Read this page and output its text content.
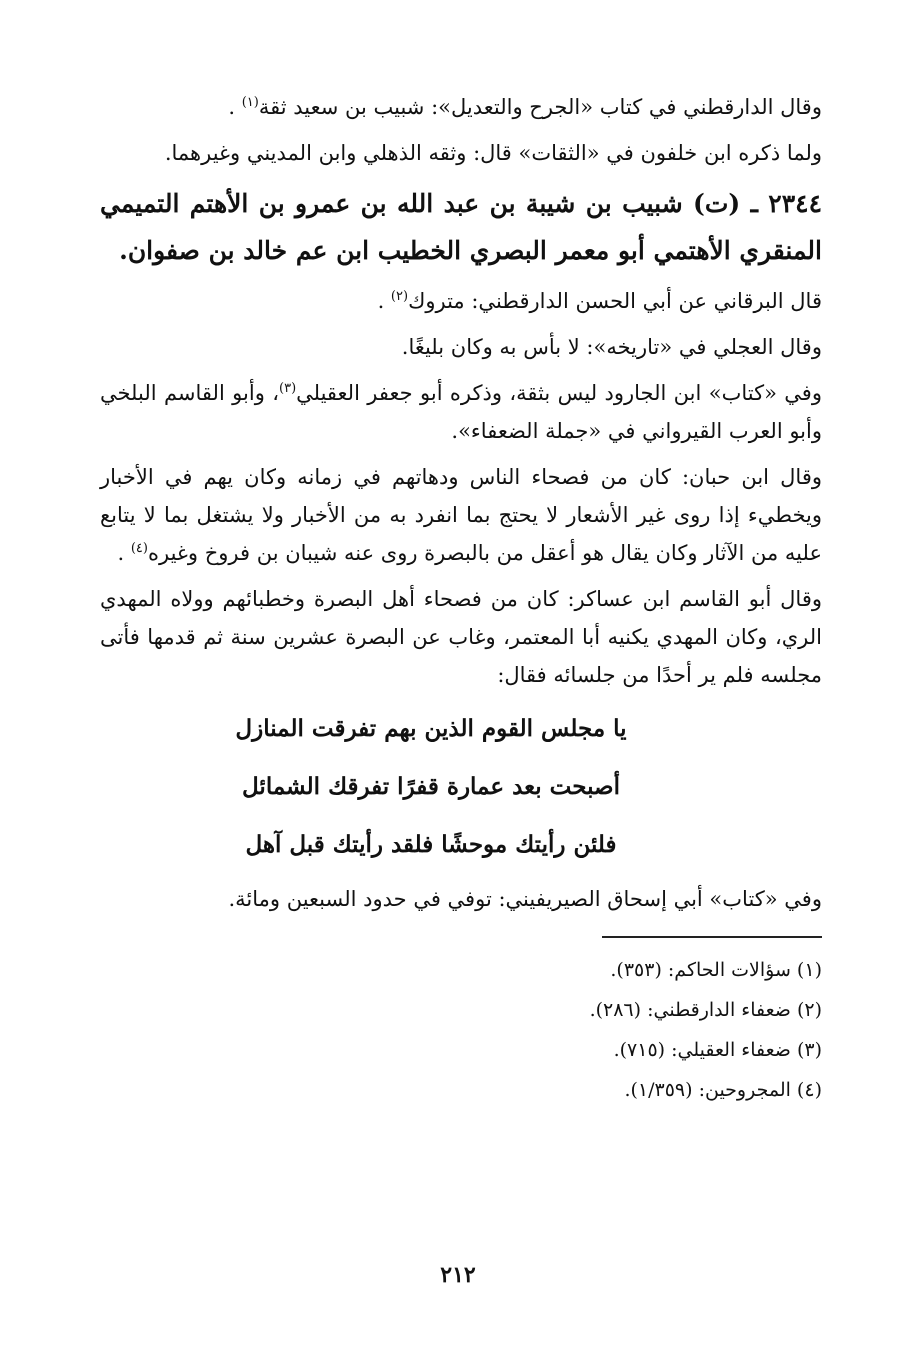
وقال الدارقطني في كتاب «الجرح والتعديل»: شبيب بن سعيد ثقة$^{(١)}$ .

ولما ذكره ابن خلفون في «الثقات» قال: وثقه الذهلي وابن المديني وغيرهما.

٢٣٤٤ ـ (ت) شبيب بن شيبة بن عبد الله بن عمرو بن الأهتم التميمي المنقري الأهتمي أبو معمر البصري الخطيب ابن عم خالد بن صفوان.

قال البرقاني عن أبي الحسن الدارقطني: متروك$^{(٢)}$ .

وقال العجلي في «تاريخه»: لا بأس به وكان بليغًا.

وفي «كتاب» ابن الجارود ليس بثقة، وذكره أبو جعفر العقيلي$^{(٣)}$، وأبو القاسم البلخي وأبو العرب القيرواني في «جملة الضعفاء».

وقال ابن حبان: كان من فصحاء الناس ودهاتهم في زمانه وكان يهم في الأخبار ويخطيء إذا روى غير الأشعار لا يحتج بما انفرد به من الأخبار ولا يشتغل بما لا يتابع عليه من الآثار وكان يقال هو أعقل من بالبصرة روى عنه شيبان بن فروخ وغيره$^{(٤)}$ .

وقال أبو القاسم ابن عساكر: كان من فصحاء أهل البصرة وخطبائهم وولاه المهدي الري، وكان المهدي يكنيه أبا المعتمر، وغاب عن البصرة عشرين سنة ثم قدمها فأتى مجلسه فلم ير أحدًا من جلسائه فقال:

يا مجلس القوم الذين بهم تفرقت المنازل

أصبحت بعد عمارة قفرًا تفرقك الشمائل

فلئن رأيتك موحشًا فلقد رأيتك قبل آهل

وفي «كتاب» أبي إسحاق الصيريفيني: توفي في حدود السبعين ومائة.

(١) سؤالات الحاكم: (٣٥٣).

(٢) ضعفاء الدارقطني: (٢٨٦).

(٣) ضعفاء العقيلي: (٧١٥).

(٤) المجروحين: (١/٣٥٩).

٢١٢
